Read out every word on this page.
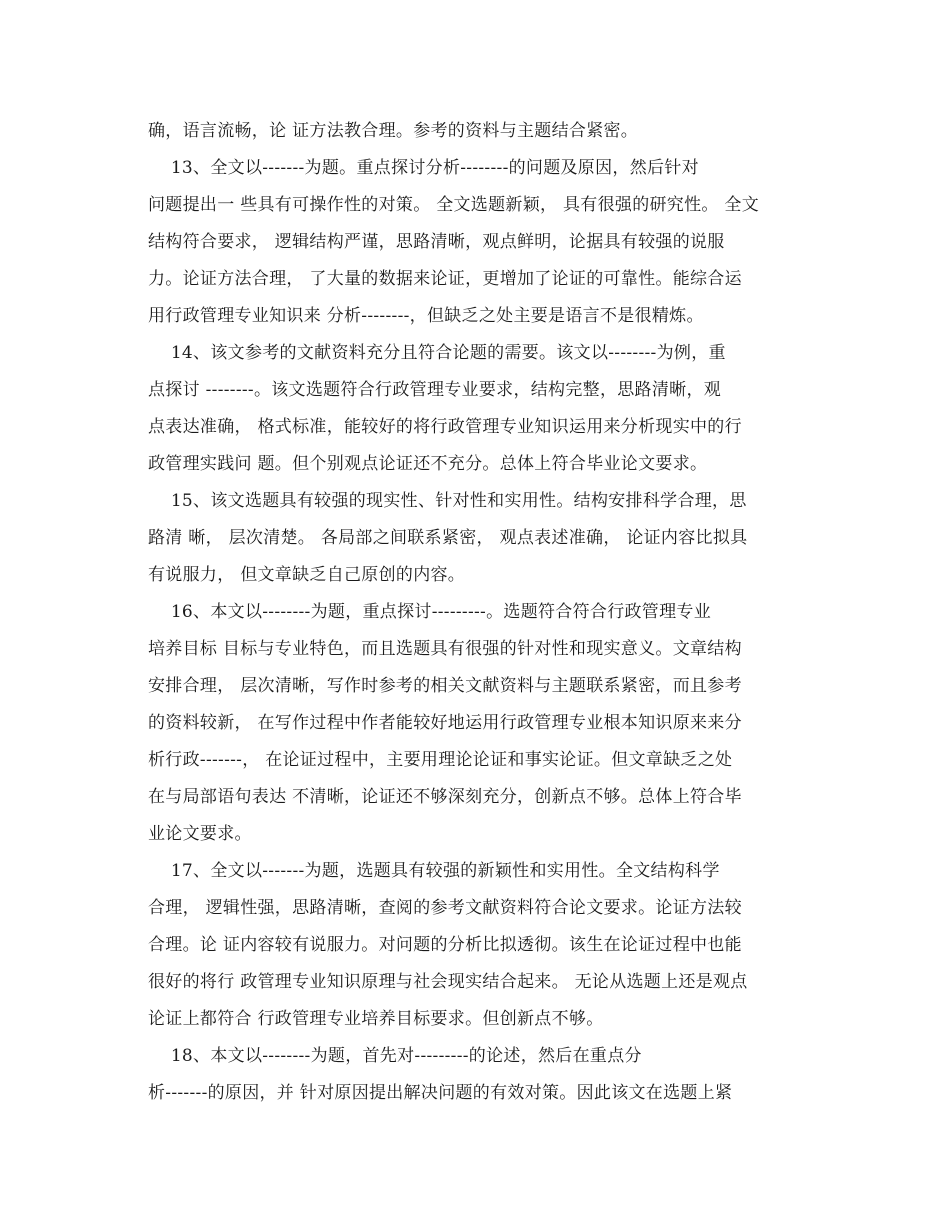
确，语言流畅，论 证方法教合理。参考的资料与主题结合紧密。
13、全文以-------为题。重点探讨分析--------的问题及原因，然后针对
问题提出一 些具有可操作性的对策。 全文选题新颖， 具有很强的研究性。 全文
结构符合要求， 逻辑结构严谨，思路清晰，观点鲜明，论据具有较强的说服
力。论证方法合理， 了大量的数据来论证，更增加了论证的可靠性。能综合运
用行政管理专业知识来 分析--------，但缺乏之处主要是语言不是很精炼。
14、该文参考的文献资料充分且符合论题的需要。该文以--------为例，重
点探讨 --------。该文选题符合行政管理专业要求，结构完整，思路清晰，观
点表达准确， 格式标准，能较好的将行政管理专业知识运用来分析现实中的行
政管理实践问 题。但个别观点论证还不充分。总体上符合毕业论文要求。
15、该文选题具有较强的现实性、针对性和实用性。结构安排科学合理，思
路清 晰， 层次清楚。 各局部之间联系紧密， 观点表述准确， 论证内容比拟具
有说服力， 但文章缺乏自己原创的内容。
16、本文以--------为题，重点探讨---------。选题符合符合行政管理专业
培养目标 目标与专业特色，而且选题具有很强的针对性和现实意义。文章结构
安排合理， 层次清晰，写作时参考的相关文献资料与主题联系紧密，而且参考
的资料较新， 在写作过程中作者能较好地运用行政管理专业根本知识原来来分
析行政-------， 在论证过程中，主要用理论论证和事实论证。但文章缺乏之处
在与局部语句表达 不清晰，论证还不够深刻充分，创新点不够。总体上符合毕
业论文要求。
17、全文以-------为题，选题具有较强的新颖性和实用性。全文结构科学
合理， 逻辑性强，思路清晰，查阅的参考文献资料符合论文要求。论证方法较
合理。论 证内容较有说服力。对问题的分析比拟透彻。该生在论证过程中也能
很好的将行 政管理专业知识原理与社会现实结合起来。 无论从选题上还是观点
论证上都符合 行政管理专业培养目标要求。但创新点不够。
18、本文以--------为题，首先对---------的论述，然后在重点分
析-------的原因，并 针对原因提出解决问题的有效对策。因此该文在选题上紧
